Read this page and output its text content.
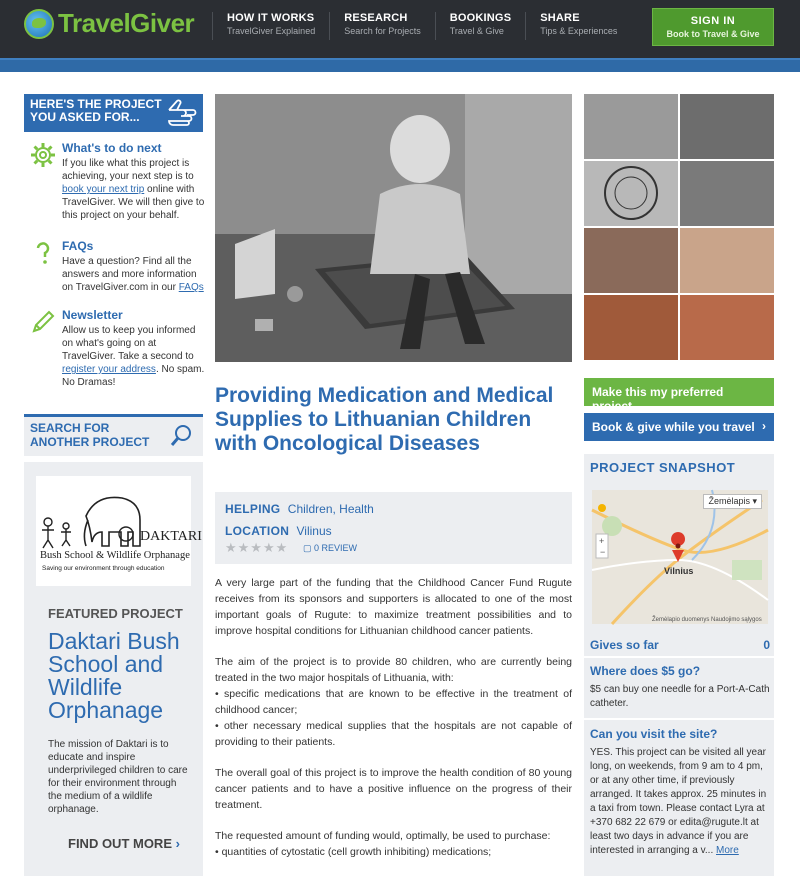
TravelGiver	HOW IT WORKS
TravelGiver Explained
RESEARCH
Search for Projects
BOOKINGS
Travel & Give
SHARE
Tips & Experiences
SIGN IN
Book to Travel & Give
HERE'S THE PROJECT
YOU ASKED FOR...
What's to do next
If you like what this project is achieving, your next step is to book your next trip online with TravelGiver. We will then give to this project on your behalf.
FAQs
Have a question? Find all the answers and more information on TravelGiver.com in our FAQs
Newsletter
Allow us to keep you informed on what's going on at TravelGiver. Take a second to register your address. No spam. No Dramas!
SEARCH FOR
ANOTHER PROJECT
DAKTARI
Bush School & Wildlife Orphanage
Saving our environment through education
FEATURED PROJECT
Daktari Bush School and Wildlife Orphanage
The mission of Daktari is to educate and inspire underprivileged children to care for their environment through the medium of a wildlife orphanage.
FIND OUT MORE ›
Providing Medication and Medical Supplies to Lithuanian Children with Oncological Diseases
HELPING Children, Health
LOCATION Vilinus
★★★★★ ▢ 0 REVIEW

A very large part of the funding that the Childhood Cancer Fund Rugute receives from its sponsors and supporters is allocated to one of the most important goals of Rugute: to maximize treatment possibilities and to improve hospital conditions for Lithuanian childhood cancer patients.

The aim of the project is to provide 80 children, who are currently being treated in the two major hospitals of Lithuania, with:
• specific medications that are known to be effective in the treatment of childhood cancer;
• other necessary medical supplies that the hospitals are not capable of providing to their patients.

The overall goal of this project is to improve the health condition of 80 young cancer patients and to have a positive influence on the progress of their treatment.

The requested amount of funding would, optimally, be used to purchase:
• quantities of cytostatic (cell growth inhibiting) medications;

Make this my preferred project
Book & give while you travel ›
PROJECT SNAPSHOT
Vilnius
+
−
Žemėlapio duomenys Naudojimo sąlygos
Žemėlapis ▾
Gives so far	0
Where does $5 go?
$5 can buy one needle for a Port-A-Cath catheter.
Can you visit the site?
YES. This project can be visited all year long, on weekends, from 9 am to 4 pm, or at any other time, if previously arranged. It takes approx. 25 minutes in a taxi from town. Please contact Lyra at +370 682 22 679 or edita@rugute.lt at least two days in advance if you are interested in arranging a v... More
